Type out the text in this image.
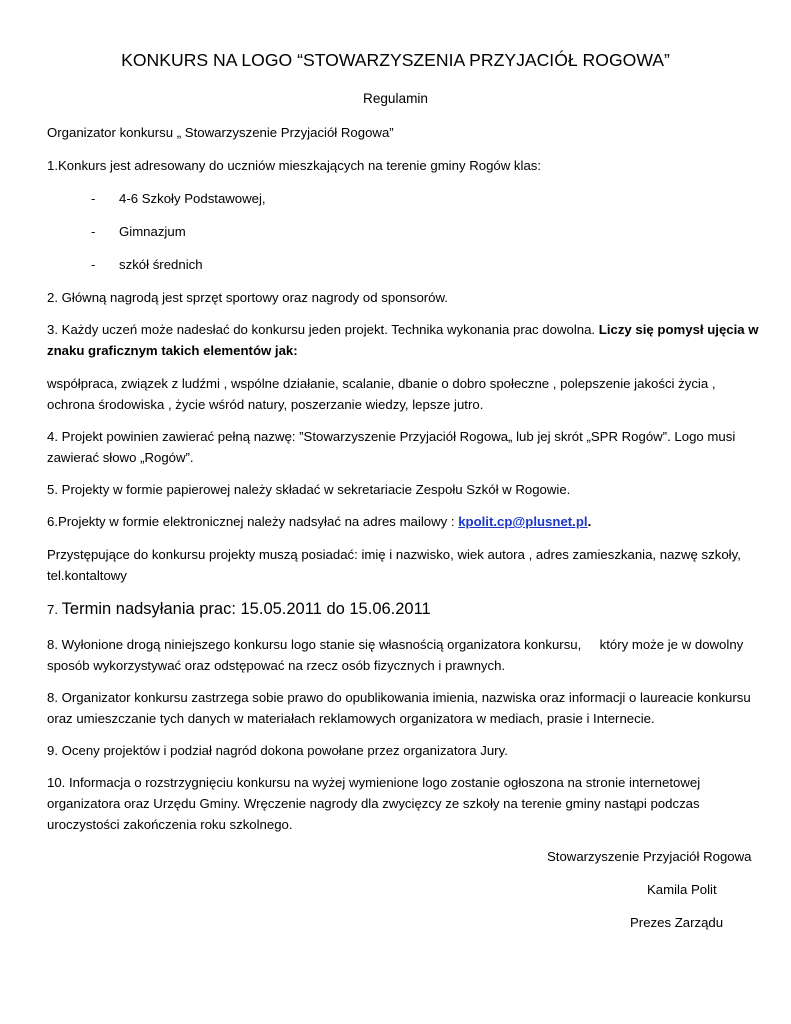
KONKURS NA LOGO “STOWARZYSZENIA PRZYJACIÓŁ ROGOWA”
Regulamin
Organizator konkursu „ Stowarzyszenie Przyjaciół Rogowa”
1.Konkurs jest adresowany do uczniów mieszkających na terenie gminy Rogów klas:
- 4-6 Szkoły Podstawowej,
- Gimnazjum
- szkół średnich
2. Główną nagrodą jest sprzęt sportowy oraz nagrody od sponsorów.
3. Każdy uczeń może nadesłać do konkursu jeden projekt. Technika wykonania prac dowolna. Liczy się pomysł ujęcia w
znaku graficznym takich elementów jak:
współpraca, związek z ludźmi , wspólne działanie, scalanie, dbanie o dobro społeczne , polepszenie jakości życia ,
ochrona środowiska , życie wśród natury, poszerzanie wiedzy, lepsze jutro.
4. Projekt powinien zawierać pełną nazwę: ”Stowarzyszenie Przyjaciół Rogowa„ lub jej skrót „SPR Rogów”. Logo musi
zawierać słowo „Rogów”.
5. Projekty w formie papierowej należy składać w sekretariacie Zespołu Szkół w Rogowie.
6.Projekty w formie elektronicznej należy nadsyłać na adres mailowy : kpolit.cp@plusnet.pl.
Przystępujące do konkursu projekty muszą posiadać: imię i nazwisko, wiek autora , adres zamieszkania, nazwę szkoły,
tel.kontaltowy
7. Termin nadsyłania prac: 15.05.2011 do 15.06.2011
8. Wyłonione drogą niniejszego konkursu logo stanie się własnością organizatora konkursu,     który może je w dowolny
sposób wykorzystywać oraz odstępować na rzecz osób fizycznych i prawnych.
8. Organizator konkursu zastrzega sobie prawo do opublikowania imienia, nazwiska oraz informacji o laureacie konkursu
oraz umieszczanie tych danych w materiałach reklamowych organizatora w mediach, prasie i Internecie.
9. Oceny projektów i podział nagród dokona powołane przez organizatora Jury.
10. Informacja o rozstrzygnięciu konkursu na wyżej wymienione logo zostanie ogłoszona na stronie internetowej
organizatora oraz Urzędu Gminy. Wręczenie nagrody dla zwycięzcy ze szkoły na terenie gminy nastąpi podczas
uroczystości zakończenia roku szkolnego.
Stowarzyszenie Przyjaciół Rogowa
Kamila Polit
Prezes Zarządu
